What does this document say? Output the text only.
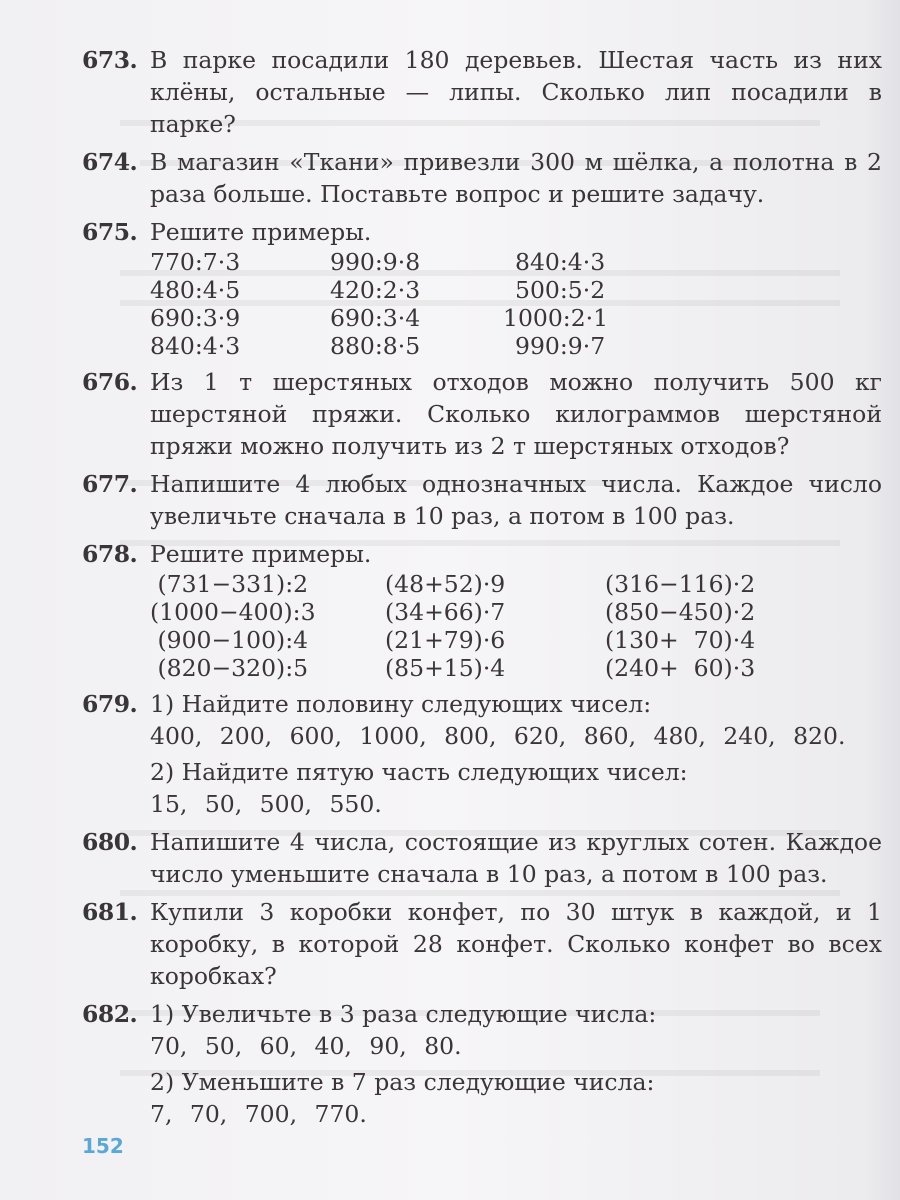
673. В парке посадили 180 деревьев. Шестая часть из них клёны, остальные — липы. Сколько лип посадили в парке?
674. В магазин «Ткани» привезли 300 м шёлка, а полотна в 2 раза больше. Поставьте вопрос и решите задачу.
675. Решите примеры.
770:7·3	990:9·8	840:4·3
480:4·5	420:2·3	500:5·2
690:3·9	690:3·4	1000:2·1
840:4·3	880:8·5	990:9·7
676. Из 1 т шерстяных отходов можно получить 500 кг шерстяной пряжи. Сколько килограммов шерстяной пряжи можно получить из 2 т шерстяных отходов?
677. Напишите 4 любых однозначных числа. Каждое число увеличьте сначала в 10 раз, а потом в 100 раз.
678. Решите примеры.
(731−331):2	(48+52)·9	(316−116)·2
(1000−400):3	(34+66)·7	(850−450)·2
(900−100):4	(21+79)·6	(130+  70)·4
(820−320):5	(85+15)·4	(240+  60)·3
679. 1) Найдите половину следующих чисел:
400, 200, 600, 1000, 800, 620, 860, 480, 240, 820.
2) Найдите пятую часть следующих чисел:
15, 50, 500, 550.
680. Напишите 4 числа, состоящие из круглых сотен. Каждое число уменьшите сначала в 10 раз, а потом в 100 раз.
681. Купили 3 коробки конфет, по 30 штук в каждой, и 1 коробку, в которой 28 конфет. Сколько конфет во всех коробках?
682. 1) Увеличьте в 3 раза следующие числа:
70, 50, 60, 40, 90, 80.
2) Уменьшите в 7 раз следующие числа:
7, 70, 700, 770.
152
